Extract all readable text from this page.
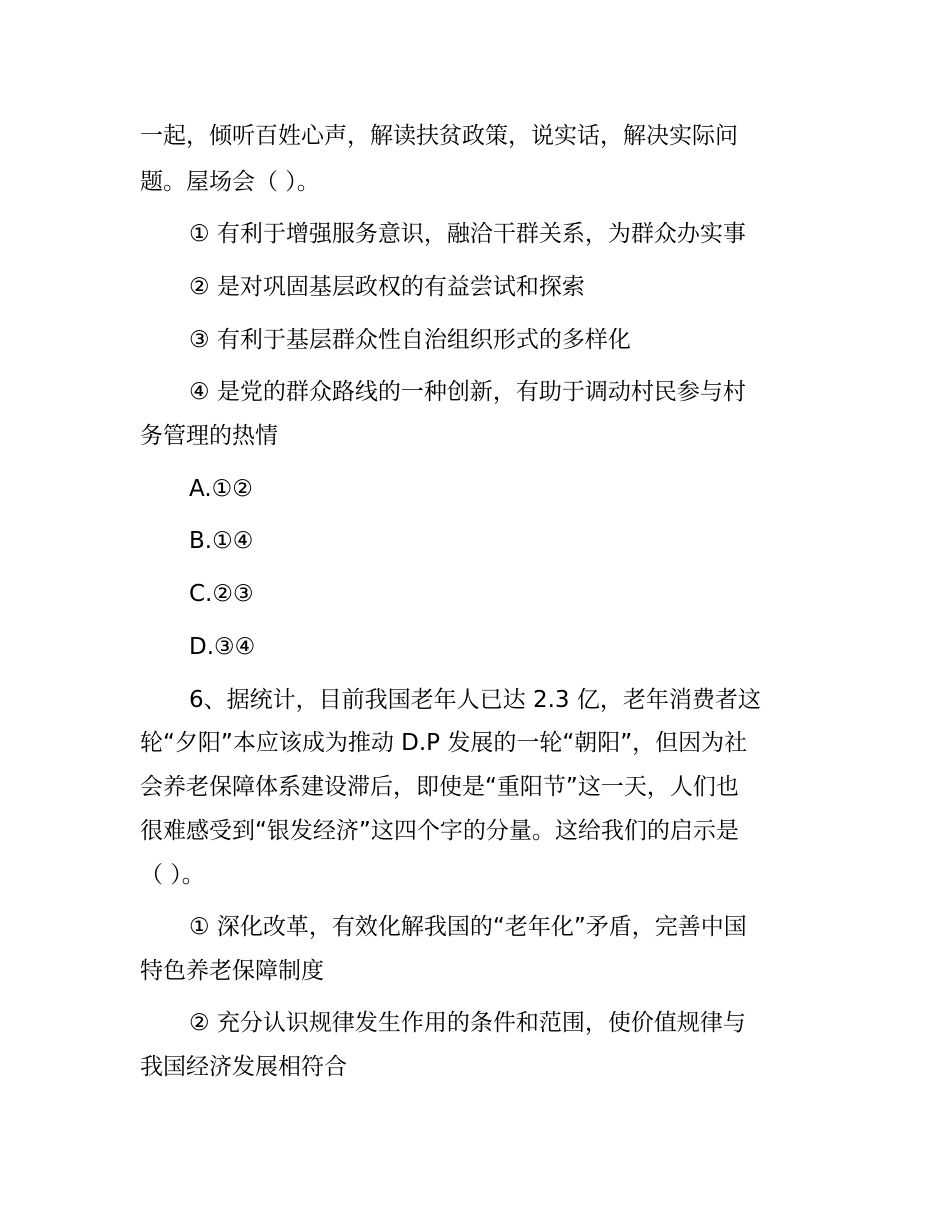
一起，倾听百姓心声，解读扶贫政策，说实话，解决实际问
题。屋场会（ ）。
① 有利于增强服务意识，融洽干群关系，为群众办实事
② 是对巩固基层政权的有益尝试和探索
③ 有利于基层群众性自治组织形式的多样化
④ 是党的群众路线的一种创新，有助于调动村民参与村
务管理的热情
A.①②
B.①④
C.②③
D.③④
6、据统计，目前我国老年人已达 2.3 亿，老年消费者这
轮“夕阳”本应该成为推动 D.P 发展的一轮“朝阳”，但因为社
会养老保障体系建设滞后，即使是“重阳节”这一天，人们也
很难感受到“银发经济”这四个字的分量。这给我们的启示是
（ ）。
① 深化改革，有效化解我国的“老年化”矛盾，完善中国
特色养老保障制度
② 充分认识规律发生作用的条件和范围，使价值规律与
我国经济发展相符合
